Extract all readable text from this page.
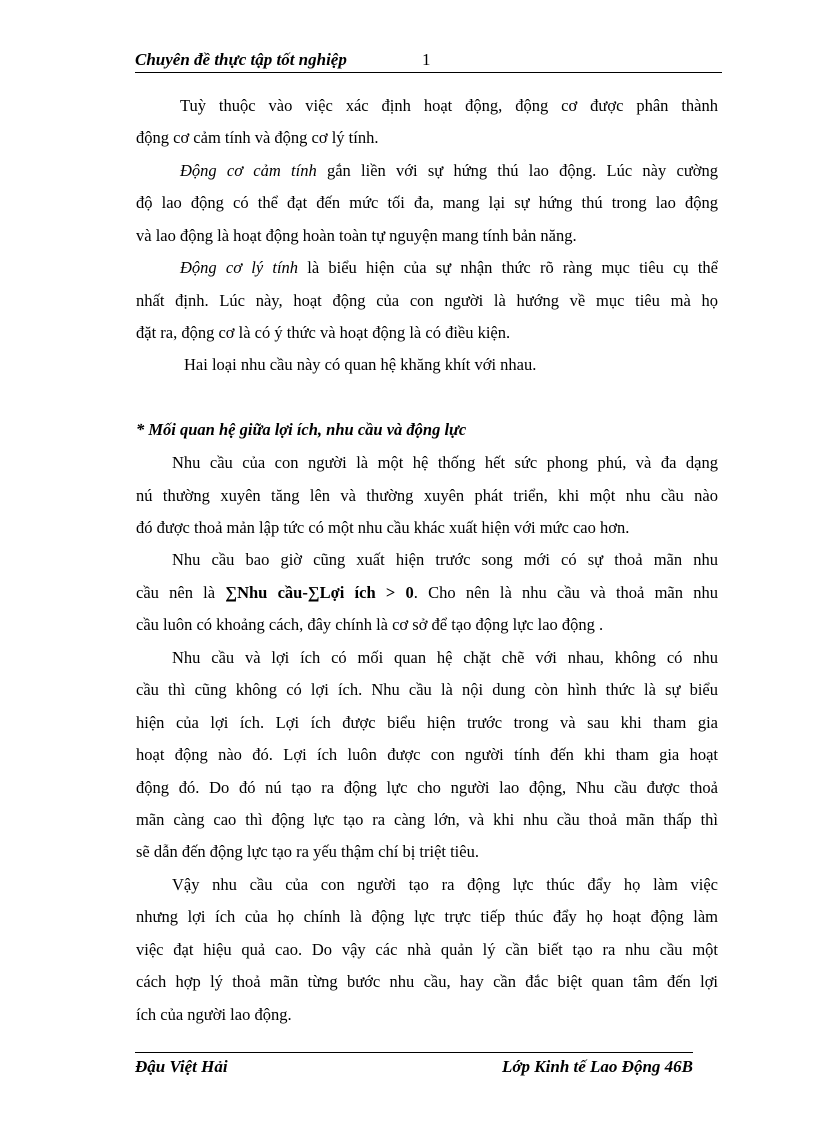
Chuyên đề thực tập tốt nghiệp	1
Tuỳ thuộc vào việc xác định hoạt động, động cơ được phân thành
động cơ cảm tính và động cơ lý tính.
Động cơ cảm tính gắn liền với sự hứng thú lao động. Lúc này cường
độ lao động có thể đạt đến mức tối đa, mang lại sự hứng thú trong lao động
và lao động là hoạt động hoàn toàn tự nguyện mang tính bản năng.
Động cơ lý tính là biểu hiện của sự nhận thức rõ ràng mục tiêu cụ thể
nhất định. Lúc này, hoạt động của con người là hướng về mục tiêu mà họ
đặt ra, động cơ là có ý thức và hoạt động là có điều kiện.
Hai loại nhu cầu này có quan hệ khăng khít với nhau.
* Mối quan hệ giữa lợi ích, nhu cầu và động lực
Nhu cầu của con người là một hệ thống hết sức phong phú, và đa dạng
nú thường xuyên tăng lên và thường xuyên phát triển, khi một nhu cầu nào
đó được thoả mản lập tức có một nhu cầu khác xuất hiện với mức cao hơn.
Nhu cầu bao giờ cũng xuất hiện trước song mới có sự thoả mãn nhu
cầu nên là ∑Nhu cầu-∑Lợi ích > 0. Cho nên là nhu cầu và thoả mãn nhu
cầu luôn có khoảng cách, đây chính là cơ sở để tạo động lực lao động .
Nhu cầu và lợi ích có mối quan hệ chặt chẽ với nhau, không có nhu
cầu thì cũng không có lợi ích. Nhu cầu là nội dung còn hình thức là sự biểu
hiện của lợi ích. Lợi ích được biểu hiện trước trong và sau khi tham gia
hoạt động nào đó. Lợi ích luôn được con người tính đến khi tham gia hoạt
động đó. Do đó nú tạo ra động lực cho người lao động, Nhu cầu được thoả
mãn càng cao thì động lực tạo ra càng lớn, và khi nhu cầu thoả mãn thấp thì
sẽ dẫn đến động lực tạo ra yếu thậm chí bị triệt tiêu.
Vậy nhu cầu của con người tạo ra động lực thúc đẩy họ làm việc
nhưng lợi ích của họ chính là động lực trực tiếp thúc đẩy họ hoạt động làm
việc đạt hiệu quả cao. Do vậy các nhà quản lý cần biết tạo ra nhu cầu một
cách hợp lý thoả mãn từng bước nhu cầu, hay cần đắc biệt quan tâm đến lợi
ích của người lao động.
Đậu Việt Hải	Lớp Kinh tế Lao Động 46B
